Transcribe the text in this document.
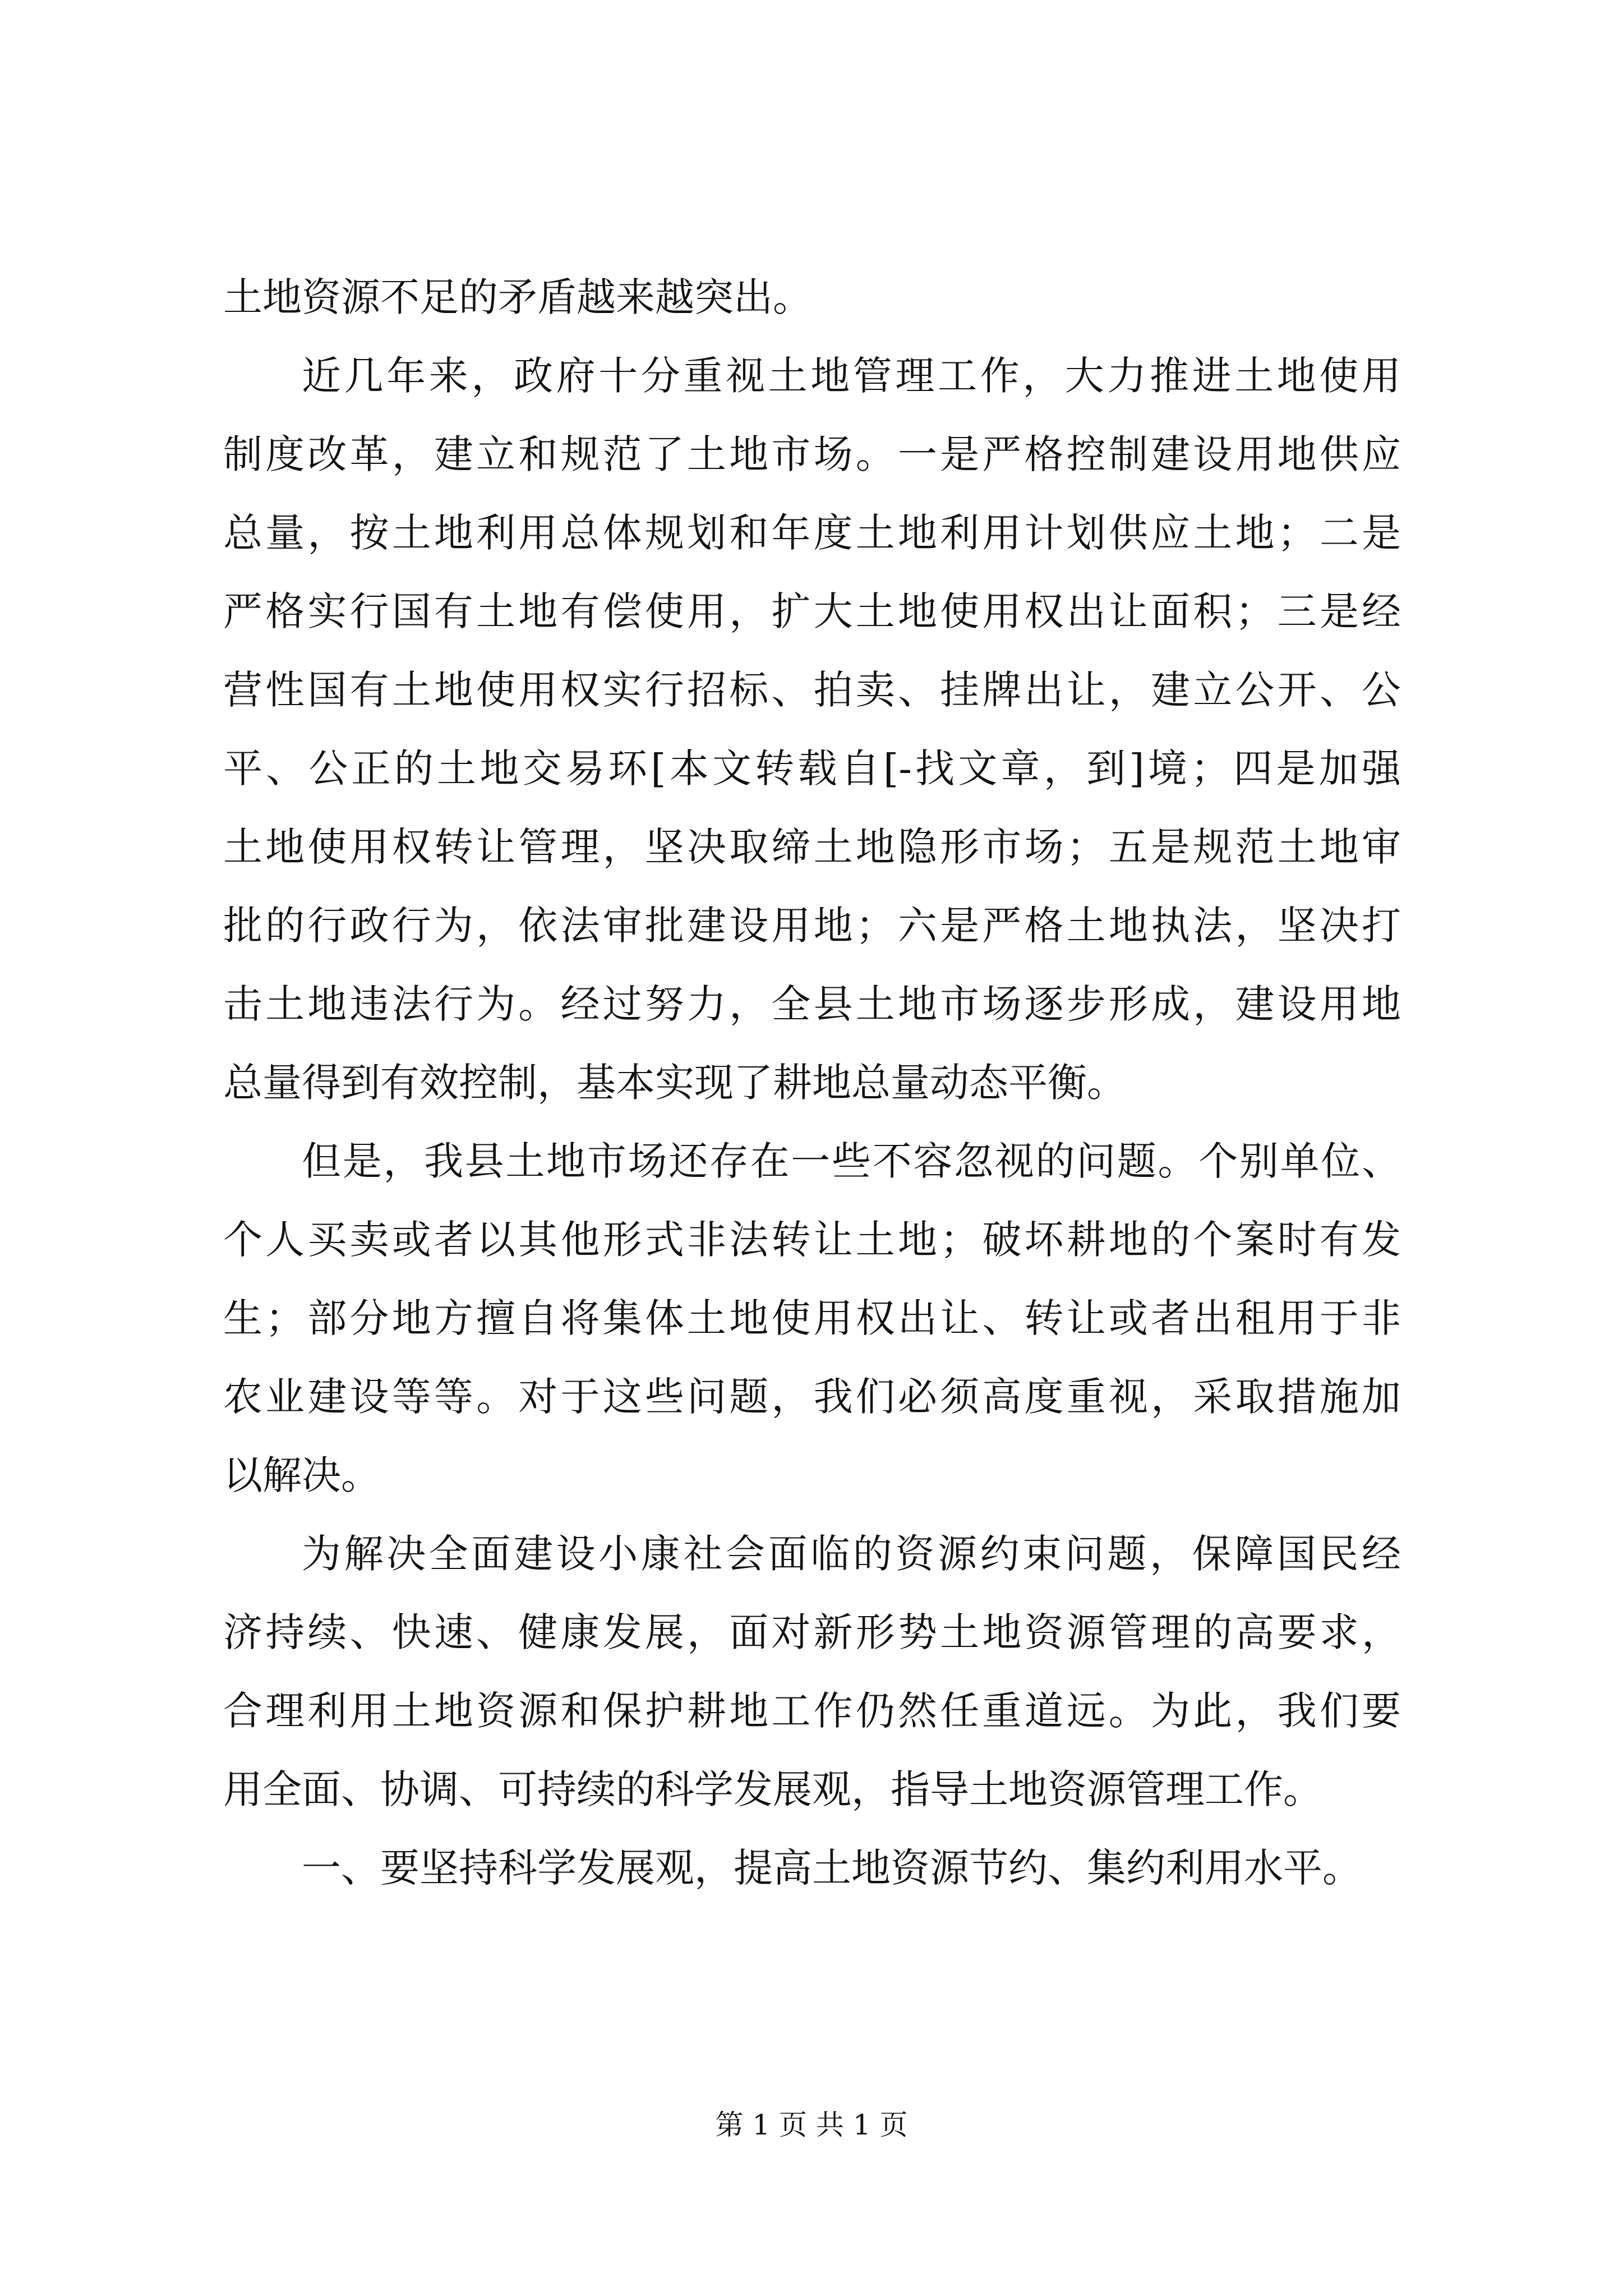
土地资源不足的矛盾越来越突出。
近几年来，政府十分重视土地管理工作，大力推进土地使用
制度改革，建立和规范了土地市场。一是严格控制建设用地供应
总量，按土地利用总体规划和年度土地利用计划供应土地；二是
严格实行国有土地有偿使用，扩大土地使用权出让面积；三是经
营性国有土地使用权实行招标、拍卖、挂牌出让，建立公开、公
平、公正的土地交易环[本文转载自[-找文章，到]境；四是加强
土地使用权转让管理，坚决取缔土地隐形市场；五是规范土地审
批的行政行为，依法审批建设用地；六是严格土地执法，坚决打
击土地违法行为。经过努力，全县土地市场逐步形成，建设用地
总量得到有效控制，基本实现了耕地总量动态平衡。
但是，我县土地市场还存在一些不容忽视的问题。个别单位、
个人买卖或者以其他形式非法转让土地；破坏耕地的个案时有发
生；部分地方擅自将集体土地使用权出让、转让或者出租用于非
农业建设等等。对于这些问题，我们必须高度重视，采取措施加
以解决。
为解决全面建设小康社会面临的资源约束问题，保障国民经
济持续、快速、健康发展，面对新形势土地资源管理的高要求，
合理利用土地资源和保护耕地工作仍然任重道远。为此，我们要
用全面、协调、可持续的科学发展观，指导土地资源管理工作。
一、要坚持科学发展观，提高土地资源节约、集约利用水平。
第 1 页 共 1 页
